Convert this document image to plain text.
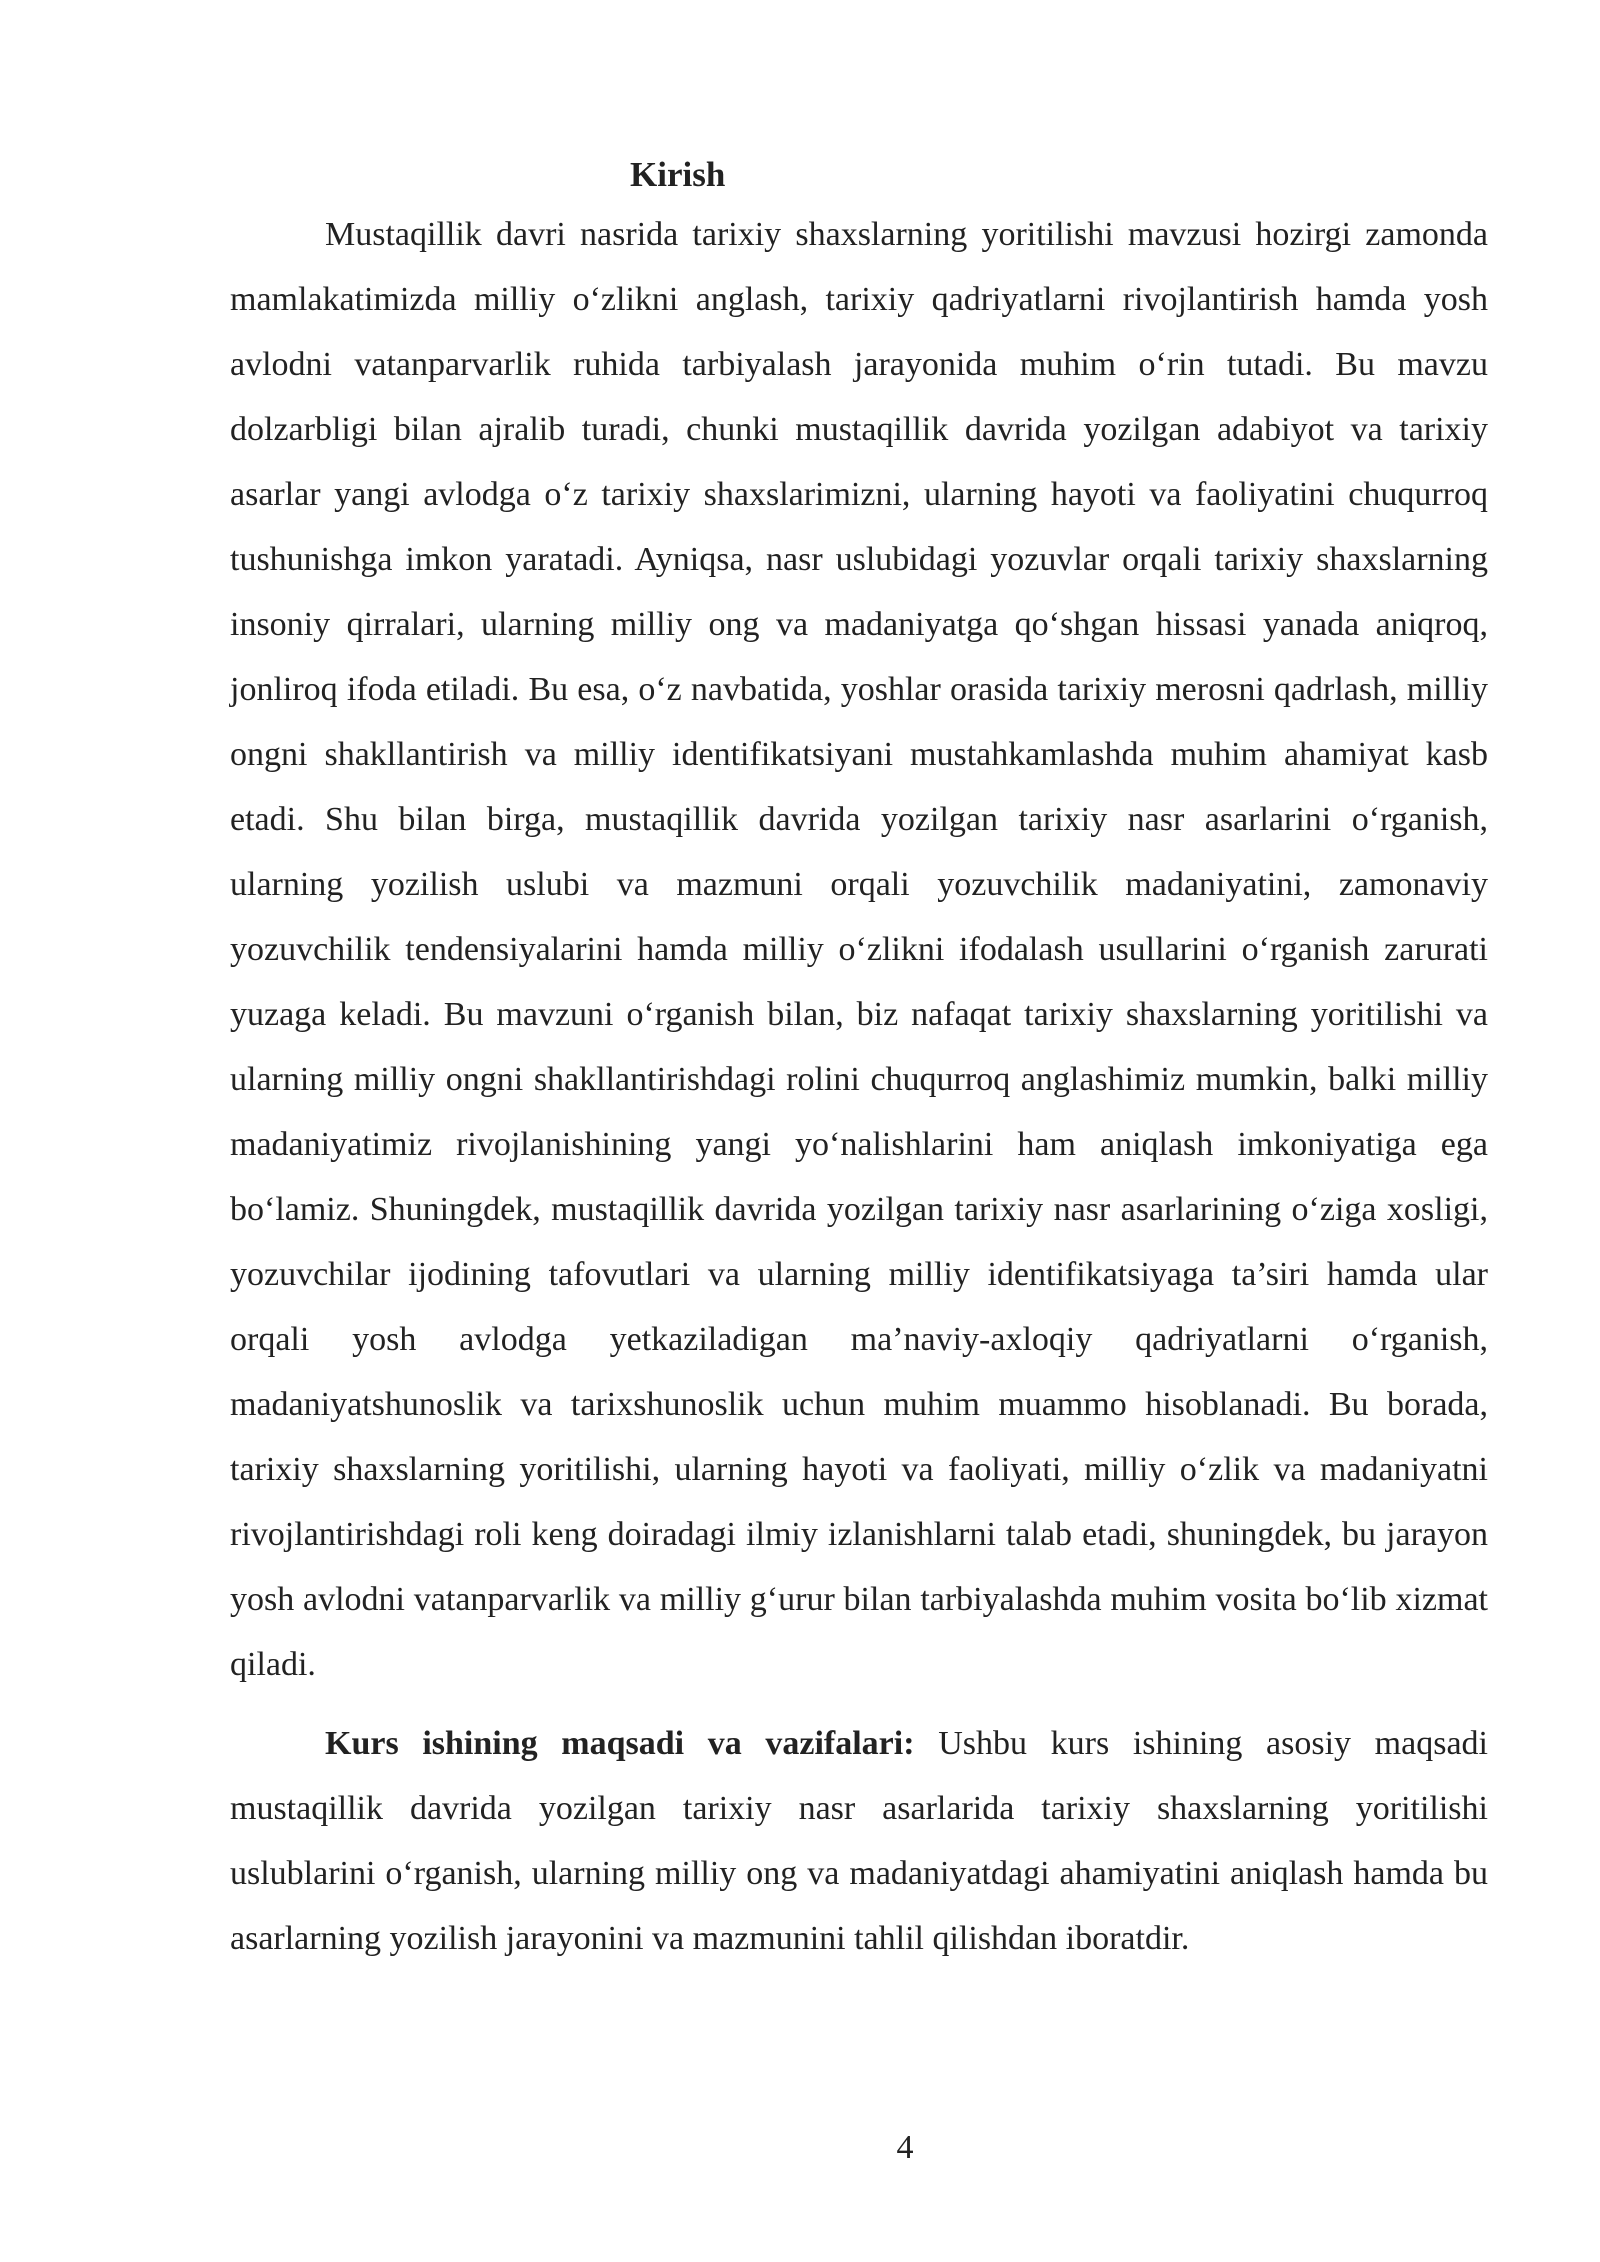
Kirish

Mustaqillik davri nasrida tarixiy shaxslarning yoritilishi mavzusi hozirgi zamonda mamlakatimizda milliy o‘zlikni anglash, tarixiy qadriyatlarni rivojlantirish hamda yosh avlodni vatanparvarlik ruhida tarbiyalash jarayonida muhim o‘rin tutadi. Bu mavzu dolzarbligi bilan ajralib turadi, chunki mustaqillik davrida yozilgan adabiyot va tarixiy asarlar yangi avlodga o‘z tarixiy shaxslarimizni, ularning hayoti va faoliyatini chuqurroq tushunishga imkon yaratadi. Ayniqsa, nasr uslubidagi yozuvlar orqali tarixiy shaxslarning insoniy qirralari, ularning milliy ong va madaniyatga qo‘shgan hissasi yanada aniqroq, jonliroq ifoda etiladi. Bu esa, o‘z navbatida, yoshlar orasida tarixiy merosni qadrlash, milliy ongni shakllantirish va milliy identifikatsiyani mustahkamlashda muhim ahamiyat kasb etadi. Shu bilan birga, mustaqillik davrida yozilgan tarixiy nasr asarlarini o‘rganish, ularning yozilish uslubi va mazmuni orqali yozuvchilik madaniyatini, zamonaviy yozuvchilik tendensiyalarini hamda milliy o‘zlikni ifodalash usullarini o‘rganish zarurati yuzaga keladi. Bu mavzuni o‘rganish bilan, biz nafaqat tarixiy shaxslarning yoritilishi va ularning milliy ongni shakllantirishdagi rolini chuqurroq anglashimiz mumkin, balki milliy madaniyatimiz rivojlanishining yangi yo‘nalishlarini ham aniqlash imkoniyatiga ega bo‘lamiz. Shuningdek, mustaqillik davrida yozilgan tarixiy nasr asarlarining o‘ziga xosligi, yozuvchilar ijodining tafovutlari va ularning milliy identifikatsiyaga ta’siri hamda ular orqali yosh avlodga yetkaziladigan ma’naviy-axloqiy qadriyatlarni o‘rganish, madaniyatshunoslik va tarixshunoslik uchun muhim muammo hisoblanadi. Bu borada, tarixiy shaxslarning yoritilishi, ularning hayoti va faoliyati, milliy o‘zlik va madaniyatni rivojlantirishdagi roli keng doiradagi ilmiy izlanishlarni talab etadi, shuningdek, bu jarayon yosh avlodni vatanparvarlik va milliy g‘urur bilan tarbiyalashda muhim vosita bo‘lib xizmat qiladi.

Kurs ishining maqsadi va vazifalari: Ushbu kurs ishining asosiy maqsadi mustaqillik davrida yozilgan tarixiy nasr asarlarida tarixiy shaxslarning yoritilishi uslublarini o‘rganish, ularning milliy ong va madaniyatdagi ahamiyatini aniqlash hamda bu asarlarning yozilish jarayonini va mazmunini tahlil qilishdan iboratdir.

4
